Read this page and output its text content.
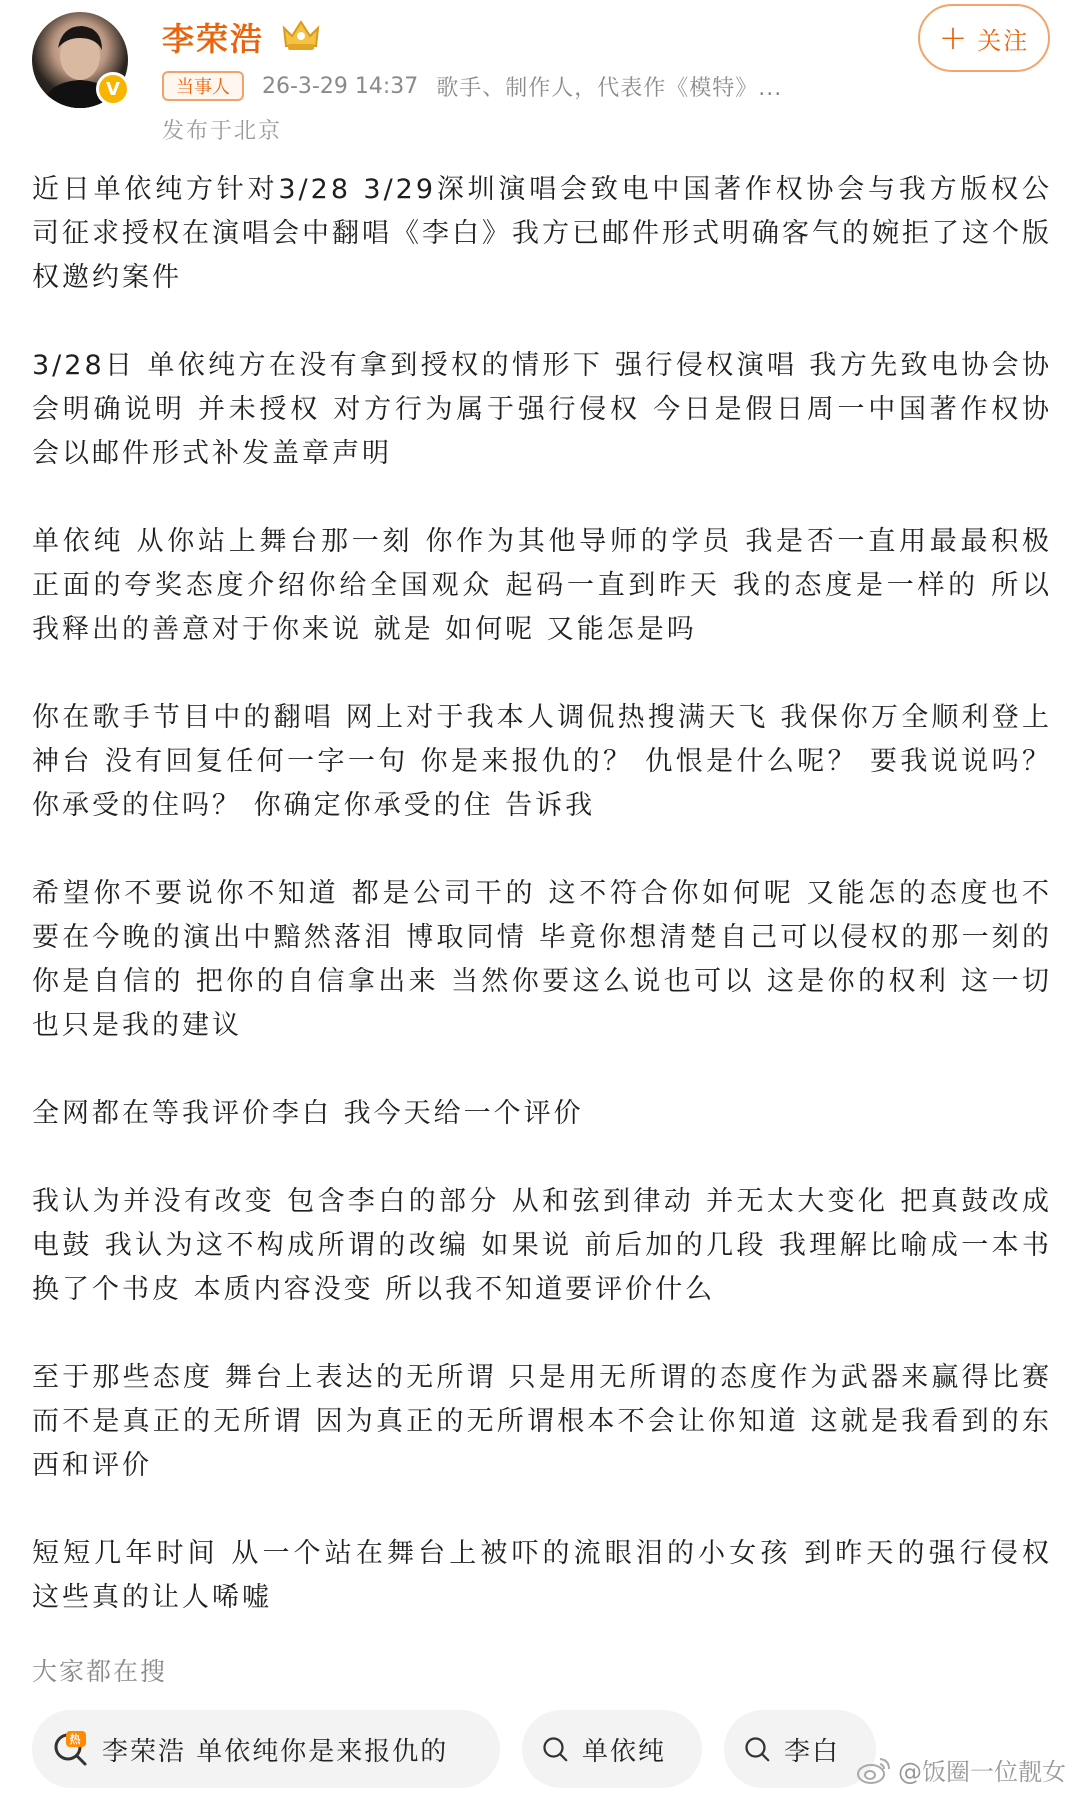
V
李荣浩	+ 关注
当事人	26-3-29 14:37 歌手、制作人，代表作《模特》...
发布于北京

近日单依纯方针对3/28 3/29深圳演唱会致电中国著作权协会与我方版权公司征求授权在演唱会中翻唱《李白》我方已邮件形式明确客气的婉拒了这个版权邀约案件

3/28日 单依纯方在没有拿到授权的情形下 强行侵权演唱 我方先致电协会协会明确说明 并未授权 对方行为属于强行侵权 今日是假日周一中国著作权协会以邮件形式补发盖章声明

单依纯 从你站上舞台那一刻 你作为其他导师的学员 我是否一直用最最积极正面的夸奖态度介绍你给全国观众 起码一直到昨天 我的态度是一样的 所以我释出的善意对于你来说 就是 如何呢 又能怎是吗

你在歌手节目中的翻唱 网上对于我本人调侃热搜满天飞 我保你万全顺利登上神台 没有回复任何一字一句 你是来报仇的？ 仇恨是什么呢？ 要我说说吗？ 你承受的住吗？ 你确定你承受的住 告诉我

希望你不要说你不知道 都是公司干的 这不符合你如何呢 又能怎的态度也不要在今晚的演出中黯然落泪 博取同情 毕竟你想清楚自己可以侵权的那一刻的你是自信的 把你的自信拿出来 当然你要这么说也可以 这是你的权利 这一切也只是我的建议

全网都在等我评价李白 我今天给一个评价

我认为并没有改变 包含李白的部分 从和弦到律动 并无太大变化 把真鼓改成电鼓 我认为这不构成所谓的改编 如果说 前后加的几段 我理解比喻成一本书换了个书皮 本质内容没变 所以我不知道要评价什么

至于那些态度 舞台上表达的无所谓 只是用无所谓的态度作为武器来赢得比赛 而不是真正的无所谓 因为真正的无所谓根本不会让你知道 这就是我看到的东西和评价

短短几年时间 从一个站在舞台上被吓的流眼泪的小女孩 到昨天的强行侵权 这些真的让人唏嘘

大家都在搜
热 李荣浩 单依纯你是来报仇的	单依纯	李白
@饭圈一位靓女
